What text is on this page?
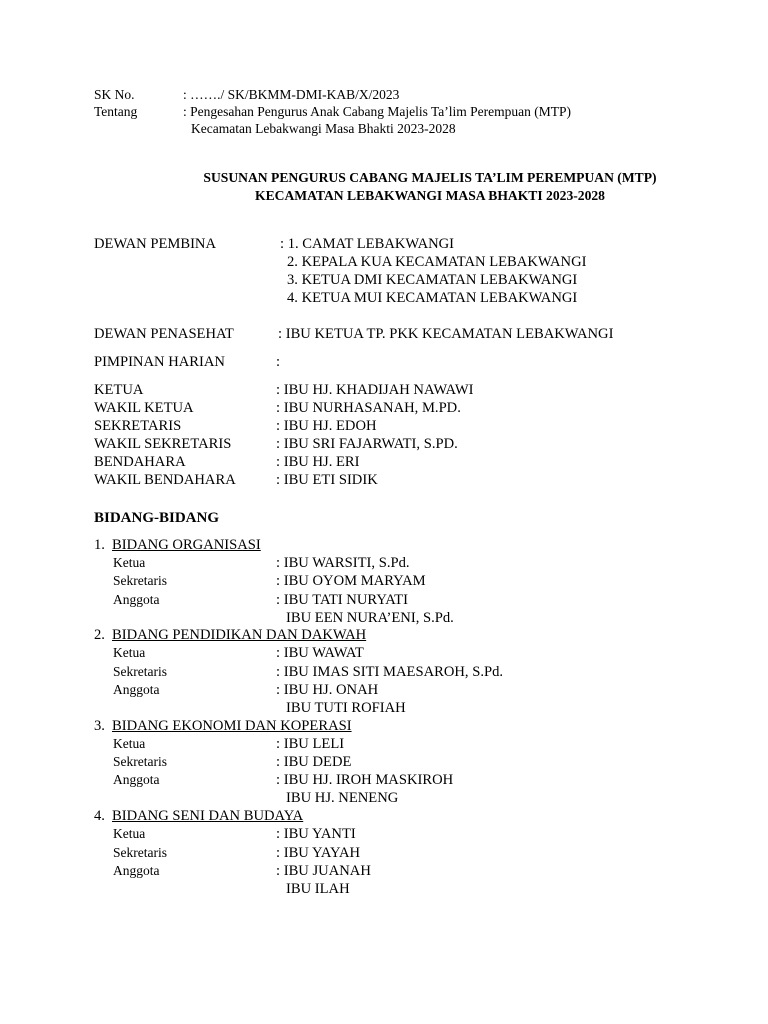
SK No.	: ……./ SK/BKMM-DMI-KAB/X/2023
Tentang	: Pengesahan Pengurus Anak Cabang Majelis Ta’lim Perempuan (MTP)
Kecamatan Lebakwangi Masa Bhakti 2023-2028
SUSUNAN PENGURUS CABANG MAJELIS TA’LIM PEREMPUAN (MTP)
KECAMATAN LEBAKWANGI MASA BHAKTI 2023-2028
DEWAN PEMBINA	: 1. CAMAT LEBAKWANGI
2. KEPALA KUA KECAMATAN LEBAKWANGI
3. KETUA DMI KECAMATAN LEBAKWANGI
4. KETUA MUI KECAMATAN LEBAKWANGI
DEWAN PENASEHAT	: IBU KETUA TP. PKK KECAMATAN LEBAKWANGI
PIMPINAN HARIAN	:
KETUA	: IBU HJ. KHADIJAH NAWAWI
WAKIL KETUA	: IBU NURHASANAH, M.PD.
SEKRETARIS	: IBU HJ. EDOH
WAKIL SEKRETARIS	: IBU SRI FAJARWATI, S.PD.
BENDAHARA	: IBU HJ. ERI
WAKIL BENDAHARA	: IBU ETI SIDIK
BIDANG-BIDANG
1. BIDANG ORGANISASI
Ketua	: IBU WARSITI, S.Pd.
Sekretaris	: IBU OYOM MARYAM
Anggota	: IBU TATI NURYATI
IBU EEN NURA’ENI, S.Pd.
2. BIDANG PENDIDIKAN DAN DAKWAH
Ketua	: IBU WAWAT
Sekretaris	: IBU IMAS SITI MAESAROH, S.Pd.
Anggota	: IBU HJ. ONAH
IBU TUTI ROFIAH
3. BIDANG EKONOMI DAN KOPERASI
Ketua	: IBU LELI
Sekretaris	: IBU DEDE
Anggota	: IBU HJ. IROH MASKIROH
IBU HJ. NENENG
4. BIDANG SENI DAN BUDAYA
Ketua	: IBU YANTI
Sekretaris	: IBU YAYAH
Anggota	: IBU JUANAH
IBU ILAH
